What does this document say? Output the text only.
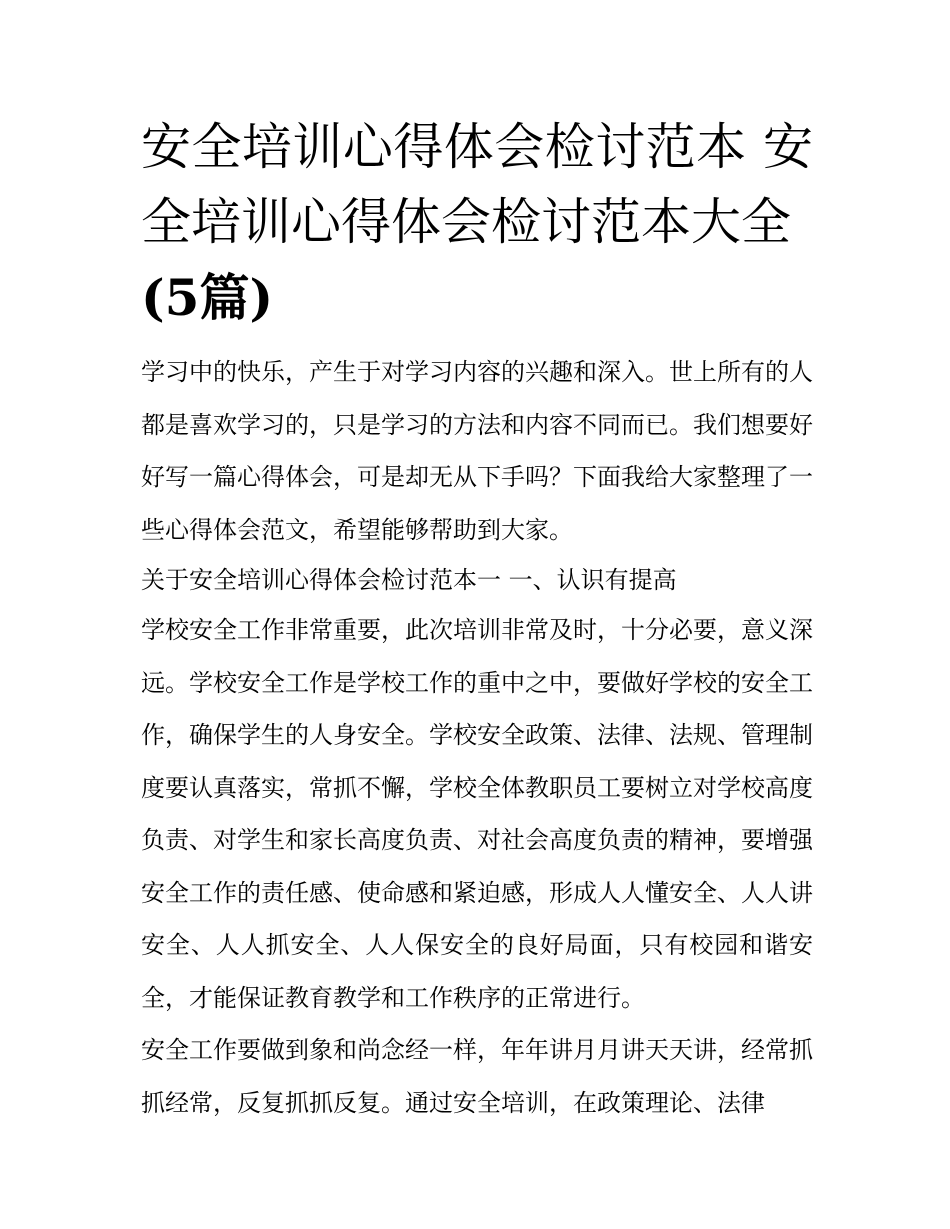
安全培训心得体会检讨范本 安全培训心得体会检讨范本大全
(5篇)

学习中的快乐，产生于对学习内容的兴趣和深入。世上所有的人都是喜欢学习的，只是学习的方法和内容不同而已。我们想要好好写一篇心得体会，可是却无从下手吗？下面我给大家整理了一些心得体会范文，希望能够帮助到大家。

关于安全培训心得体会检讨范本一 一、认识有提高

学校安全工作非常重要，此次培训非常及时，十分必要，意义深远。学校安全工作是学校工作的重中之中，要做好学校的安全工作，确保学生的人身安全。学校安全政策、法律、法规、管理制度要认真落实，常抓不懈，学校全体教职员工要树立对学校高度负责、对学生和家长高度负责、对社会高度负责的精神，要增强安全工作的责任感、使命感和紧迫感，形成人人懂安全、人人讲安全、人人抓安全、人人保安全的良好局面，只有校园和谐安全，才能保证教育教学和工作秩序的正常进行。

安全工作要做到象和尚念经一样，年年讲月月讲天天讲，经常抓抓经常，反复抓抓反复。通过安全培训，在政策理论、法律
